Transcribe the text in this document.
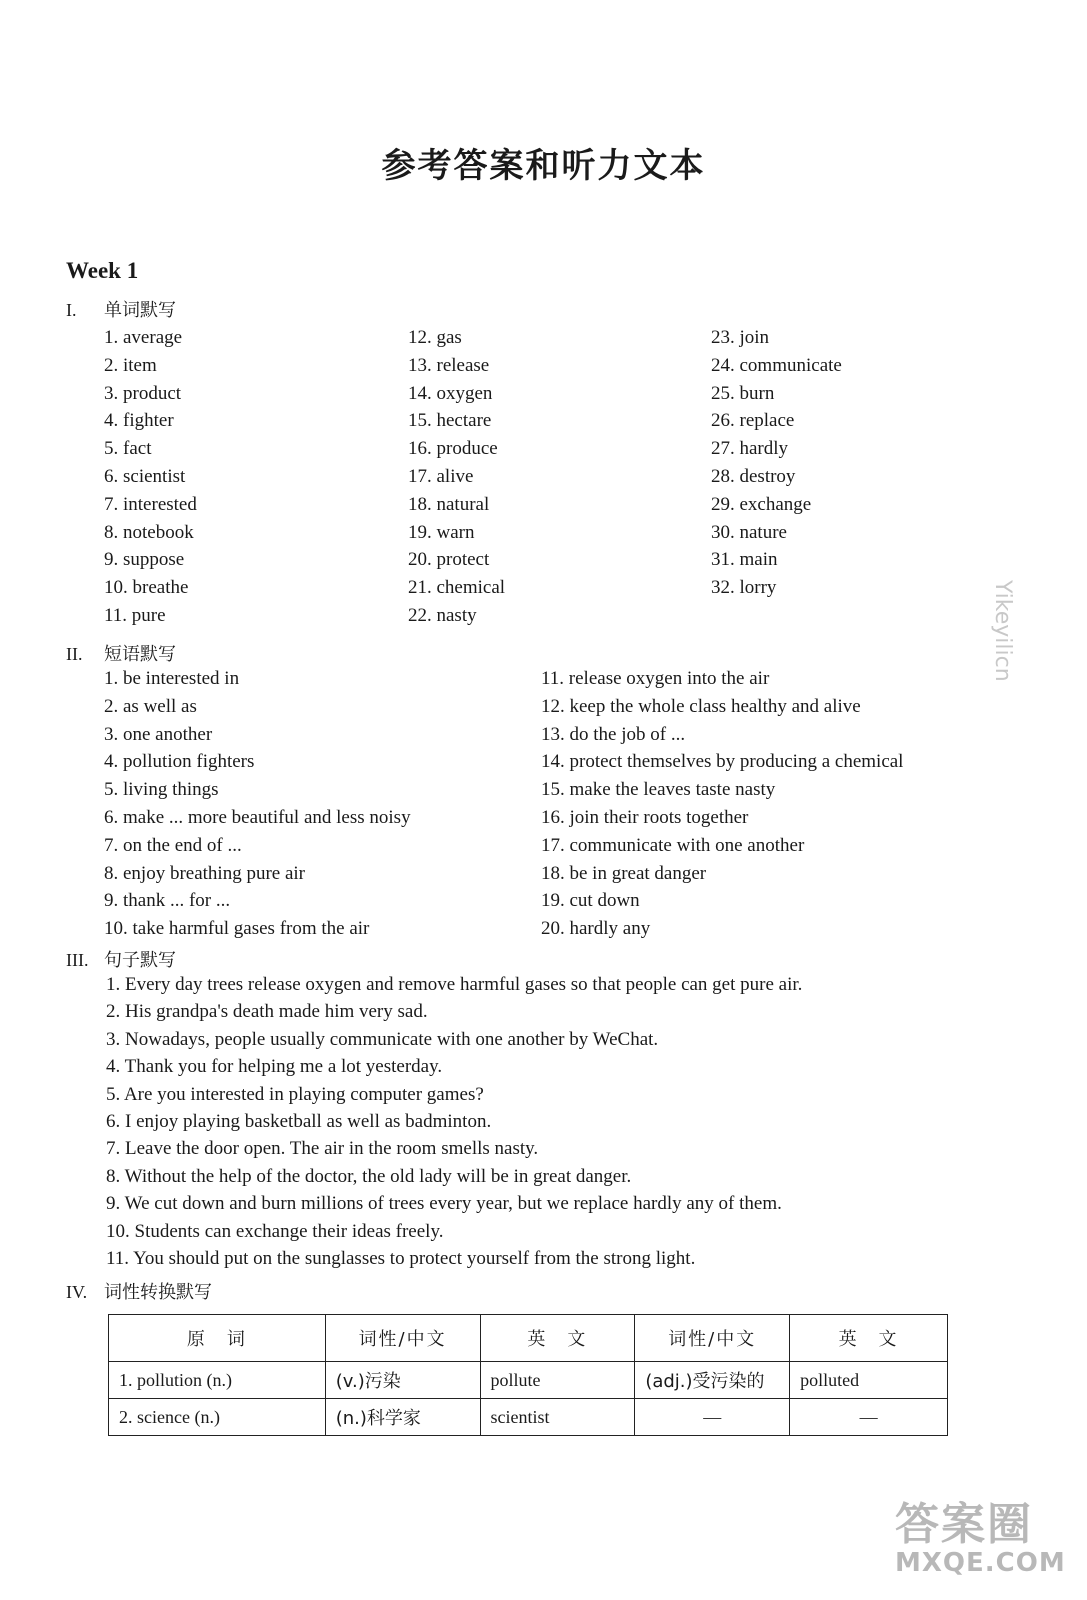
参考答案和听力文本
Week 1
I. 单词默写
1. average
2. item
3. product
4. fighter
5. fact
6. scientist
7. interested
8. notebook
9. suppose
10. breathe
11. pure
12. gas
13. release
14. oxygen
15. hectare
16. produce
17. alive
18. natural
19. warn
20. protect
21. chemical
22. nasty
23. join
24. communicate
25. burn
26. replace
27. hardly
28. destroy
29. exchange
30. nature
31. main
32. lorry
II. 短语默写
1. be interested in
2. as well as
3. one another
4. pollution fighters
5. living things
6. make ... more beautiful and less noisy
7. on the end of ...
8. enjoy breathing pure air
9. thank ... for ...
10. take harmful gases from the air
11. release oxygen into the air
12. keep the whole class healthy and alive
13. do the job of ...
14. protect themselves by producing a chemical
15. make the leaves taste nasty
16. join their roots together
17. communicate with one another
18. be in great danger
19. cut down
20. hardly any
III. 句子默写
1. Every day trees release oxygen and remove harmful gases so that people can get pure air.
2. His grandpa's death made him very sad.
3. Nowadays, people usually communicate with one another by WeChat.
4. Thank you for helping me a lot yesterday.
5. Are you interested in playing computer games?
6. I enjoy playing basketball as well as badminton.
7. Leave the door open. The air in the room smells nasty.
8. Without the help of the doctor, the old lady will be in great danger.
9. We cut down and burn millions of trees every year, but we replace hardly any of them.
10. Students can exchange their ideas freely.
11. You should put on the sunglasses to protect yourself from the strong light.
IV. 词性转换默写
原　词	词性/中文	英　文	词性/中文	英　文
1. pollution (n.)	(v.)污染	pollute	(adj.)受污染的	polluted
2. science (n.)	(n.)科学家	scientist	—	—
Yikeyilicn
答案圈
MXQE.COM
